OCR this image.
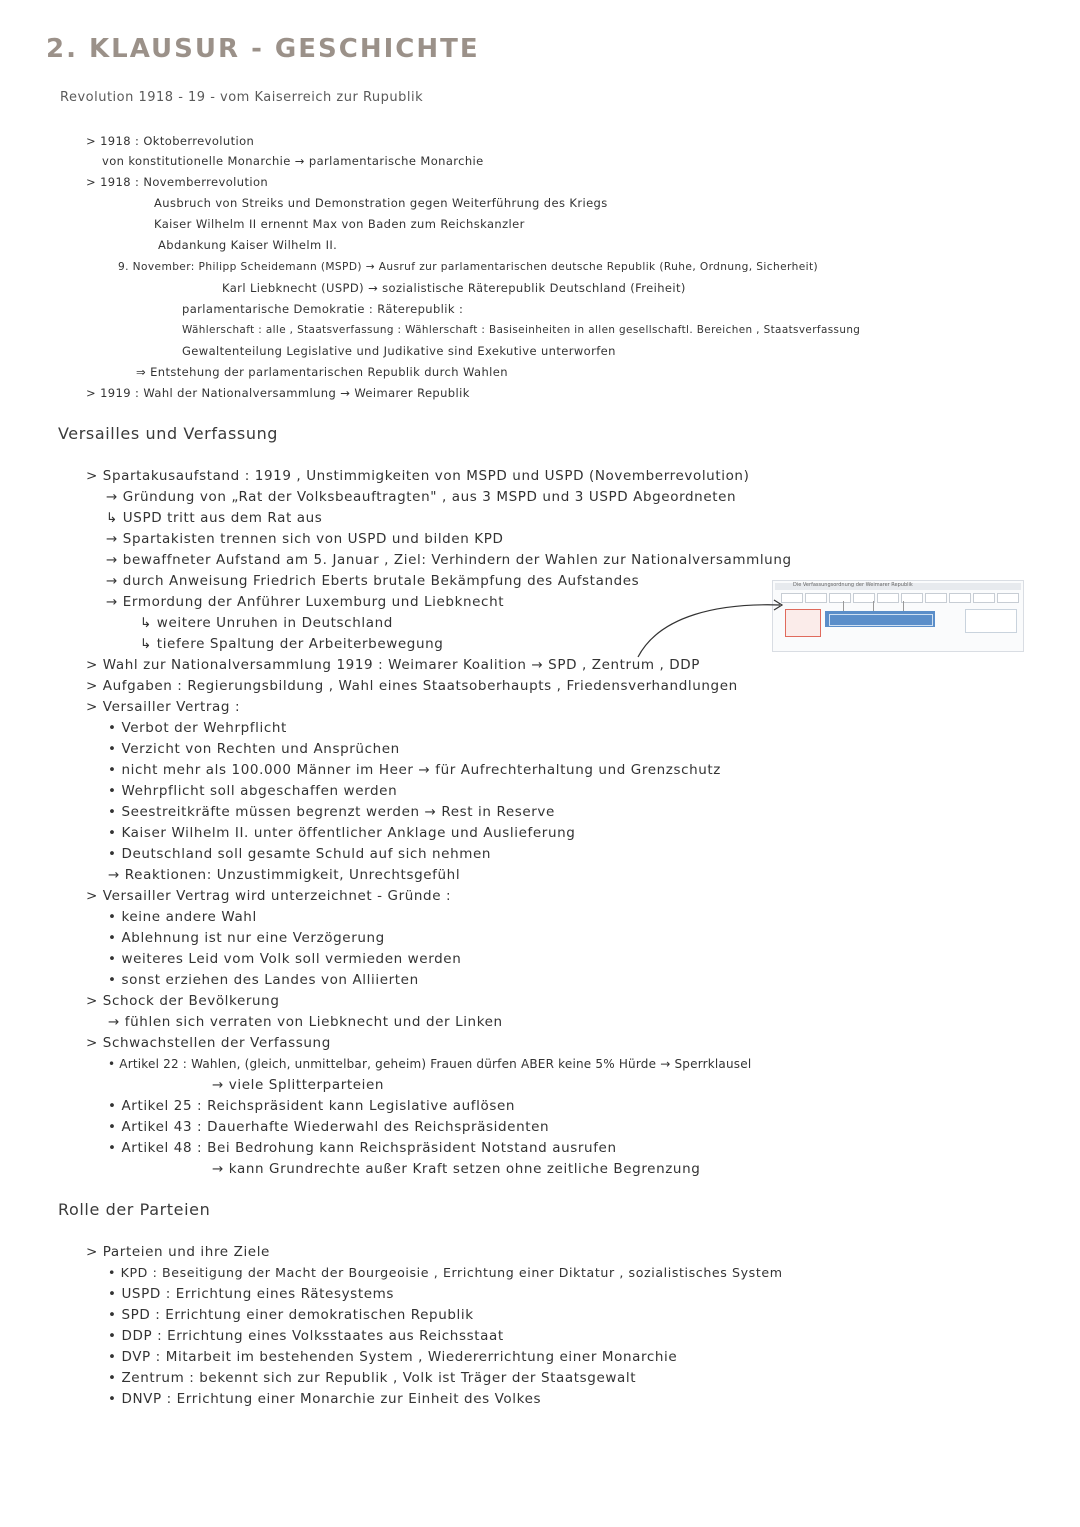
2. KLAUSUR - GESCHICHTE
Revolution 1918 - 19 - vom Kaiserreich zur Rupublik
> 1918 : Oktoberrevolution
von konstitutionelle Monarchie → parlamentarische Monarchie
> 1918 : Novemberrevolution
Ausbruch von Streiks und Demonstration gegen Weiterführung des Kriegs
Kaiser Wilhelm II ernennt Max von Baden zum Reichskanzler
Abdankung Kaiser Wilhelm II.
9. November: Philipp Scheidemann (MSPD) → Ausruf zur parlamentarischen deutsche Republik (Ruhe, Ordnung, Sicherheit)
Karl Liebknecht (USPD) → sozialistische Räterepublik Deutschland (Freiheit)
parlamentarische Demokratie : Räterepublik :
Wählerschaft : alle , Staatsverfassung : Wählerschaft : Basiseinheiten in allen gesellschaftl. Bereichen , Staatsverfassung
Gewaltenteilung Legislative und Judikative sind Exekutive unterworfen
⇒ Entstehung der parlamentarischen Republik durch Wahlen
> 1919 : Wahl der Nationalversammlung → Weimarer Republik
Versailles und Verfassung
> Spartakusaufstand : 1919 , Unstimmigkeiten von MSPD und USPD (Novemberrevolution)
→ Gründung von „Rat der Volksbeauftragten" , aus 3 MSPD und 3 USPD Abgeordneten
↳ USPD tritt aus dem Rat aus
→ Spartakisten trennen sich von USPD und bilden KPD
→ bewaffneter Aufstand am 5. Januar , Ziel: Verhindern der Wahlen zur Nationalversammlung
→ durch Anweisung Friedrich Eberts brutale Bekämpfung des Aufstandes
→ Ermordung der Anführer Luxemburg und Liebknecht
↳ weitere Unruhen in Deutschland
↳ tiefere Spaltung der Arbeiterbewegung
Die Verfassungsordnung der Weimarer Republik
> Wahl zur Nationalversammlung 1919 : Weimarer Koalition → SPD , Zentrum , DDP
> Aufgaben : Regierungsbildung , Wahl eines Staatsoberhaupts , Friedensverhandlungen
> Versailler Vertrag :
• Verbot der Wehrpflicht
• Verzicht von Rechten und Ansprüchen
• nicht mehr als 100.000 Männer im Heer → für Aufrechterhaltung und Grenzschutz
• Wehrpflicht soll abgeschaffen werden
• Seestreitkräfte müssen begrenzt werden → Rest in Reserve
• Kaiser Wilhelm II. unter öffentlicher Anklage und Auslieferung
• Deutschland soll gesamte Schuld auf sich nehmen
→ Reaktionen: Unzustimmigkeit, Unrechtsgefühl
> Versailler Vertrag wird unterzeichnet - Gründe :
• keine andere Wahl
• Ablehnung ist nur eine Verzögerung
• weiteres Leid vom Volk soll vermieden werden
• sonst erziehen des Landes von Alliierten
> Schock der Bevölkerung
→ fühlen sich verraten von Liebknecht und der Linken
> Schwachstellen der Verfassung
• Artikel 22 : Wahlen, (gleich, unmittelbar, geheim) Frauen dürfen ABER keine 5% Hürde → Sperrklausel
→ viele Splitterparteien
• Artikel 25 : Reichspräsident kann Legislative auflösen
• Artikel 43 : Dauerhafte Wiederwahl des Reichspräsidenten
• Artikel 48 : Bei Bedrohung kann Reichspräsident Notstand ausrufen
→ kann Grundrechte außer Kraft setzen ohne zeitliche Begrenzung
Rolle der Parteien
> Parteien und ihre Ziele
• KPD : Beseitigung der Macht der Bourgeoisie , Errichtung einer Diktatur , sozialistisches System
• USPD : Errichtung eines Rätesystems
• SPD : Errichtung einer demokratischen Republik
• DDP : Errichtung eines Volksstaates aus Reichsstaat
• DVP : Mitarbeit im bestehenden System , Wiedererrichtung einer Monarchie
• Zentrum : bekennt sich zur Republik , Volk ist Träger der Staatsgewalt
• DNVP : Errichtung einer Monarchie zur Einheit des Volkes
